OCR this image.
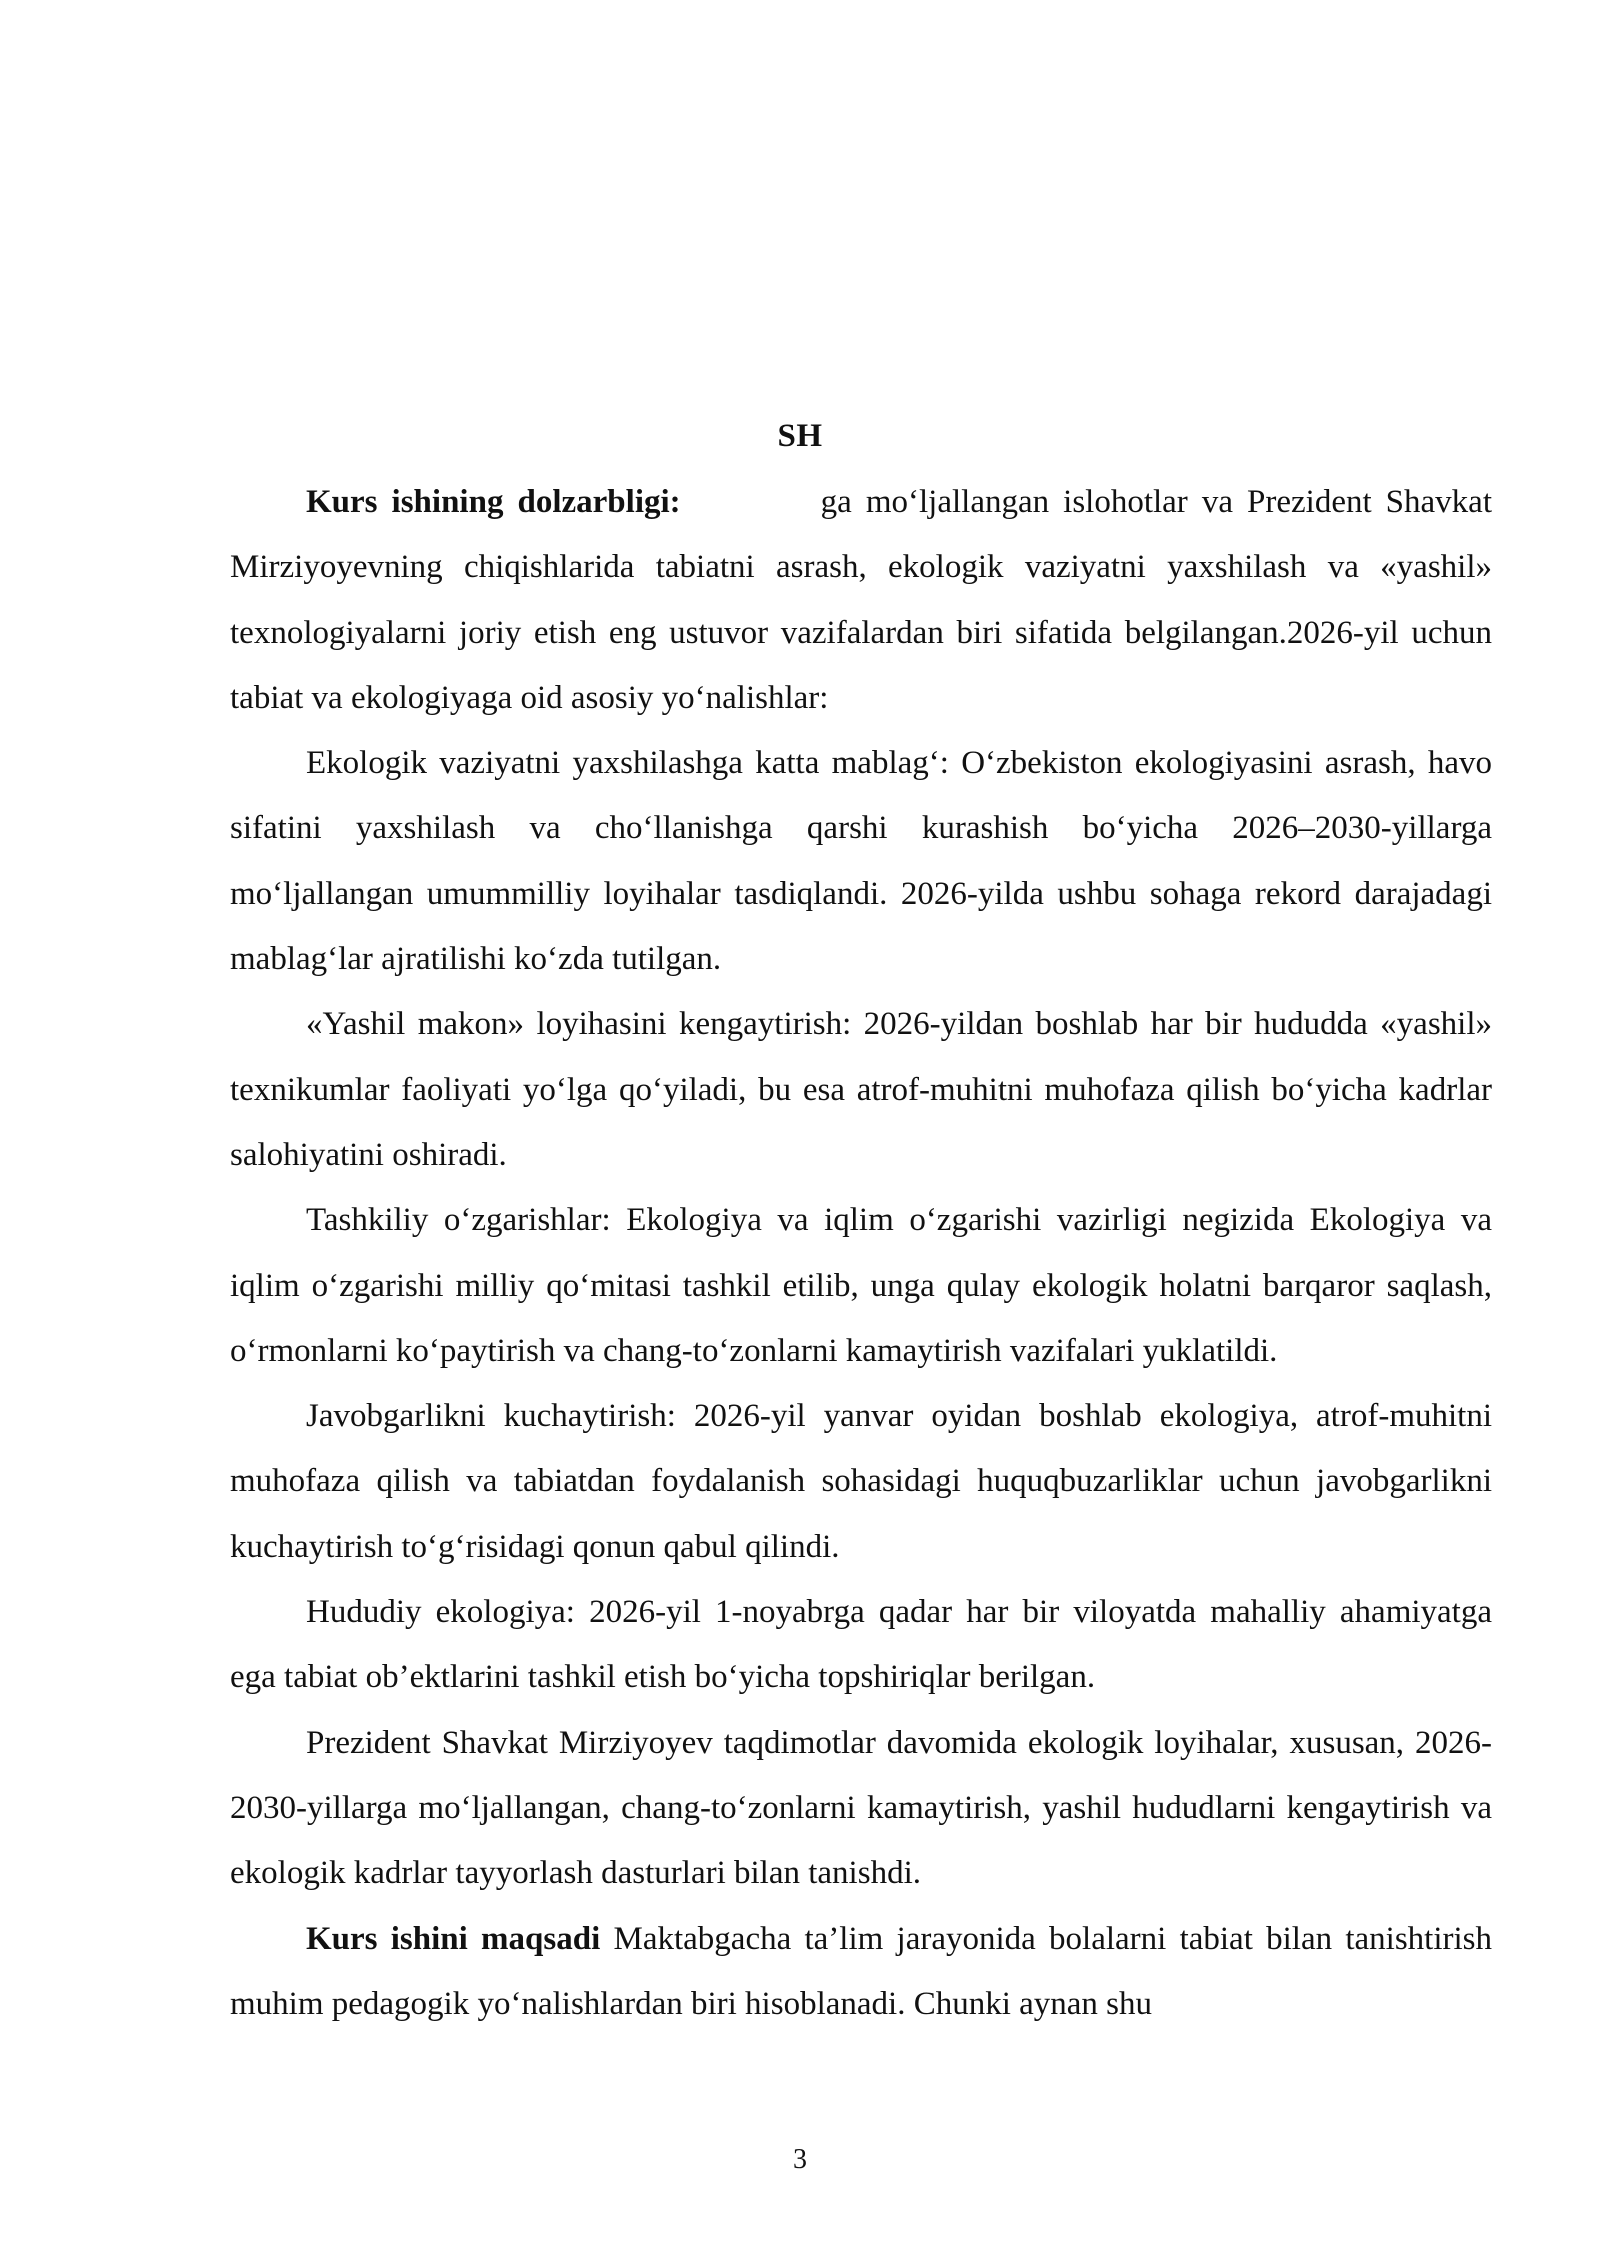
SH

Kurs ishining dolzarbligi:	ga mo‘ljallangan islohotlar va Prezident Shavkat Mirziyoyevning chiqishlarida tabiatni asrash, ekologik vaziyatni yaxshilash va «yashil» texnologiyalarni joriy etish eng ustuvor vazifalardan biri sifatida belgilangan.2026-yil uchun tabiat va ekologiyaga oid asosiy yo‘nalishlar:

Ekologik vaziyatni yaxshilashga katta mablag‘: O‘zbekiston ekologiyasini asrash, havo sifatini yaxshilash va cho‘llanishga qarshi kurashish bo‘yicha 2026–2030-yillarga mo‘ljallangan umummilliy loyihalar tasdiqlandi. 2026-yilda ushbu sohaga rekord darajadagi mablag‘lar ajratilishi ko‘zda tutilgan.

«Yashil makon» loyihasini kengaytirish: 2026-yildan boshlab har bir hududda «yashil» texnikumlar faoliyati yo‘lga qo‘yiladi, bu esa atrof-muhitni muhofaza qilish bo‘yicha kadrlar salohiyatini oshiradi.

Tashkiliy o‘zgarishlar: Ekologiya va iqlim o‘zgarishi vazirligi negizida Ekologiya va iqlim o‘zgarishi milliy qo‘mitasi tashkil etilib, unga qulay ekologik holatni barqaror saqlash, o‘rmonlarni ko‘paytirish va chang-to‘zonlarni kamaytirish vazifalari yuklatildi.

Javobgarlikni kuchaytirish: 2026-yil yanvar oyidan boshlab ekologiya, atrof-muhitni muhofaza qilish va tabiatdan foydalanish sohasidagi huquqbuzarliklar uchun javobgarlikni kuchaytirish to‘g‘risidagi qonun qabul qilindi.

Hududiy ekologiya: 2026-yil 1-noyabrga qadar har bir viloyatda mahalliy ahamiyatga ega tabiat ob’ektlarini tashkil etish bo‘yicha topshiriqlar berilgan.

Prezident Shavkat Mirziyoyev taqdimotlar davomida ekologik loyihalar, xususan, 2026-2030-yillarga mo‘ljallangan, chang-to‘zonlarni kamaytirish, yashil hududlarni kengaytirish va ekologik kadrlar tayyorlash dasturlari bilan tanishdi.

Kurs ishini maqsadi Maktabgacha ta’lim jarayonida bolalarni tabiat bilan tanishtirish muhim pedagogik yo‘nalishlardan biri hisoblanadi. Chunki aynan shu

3
